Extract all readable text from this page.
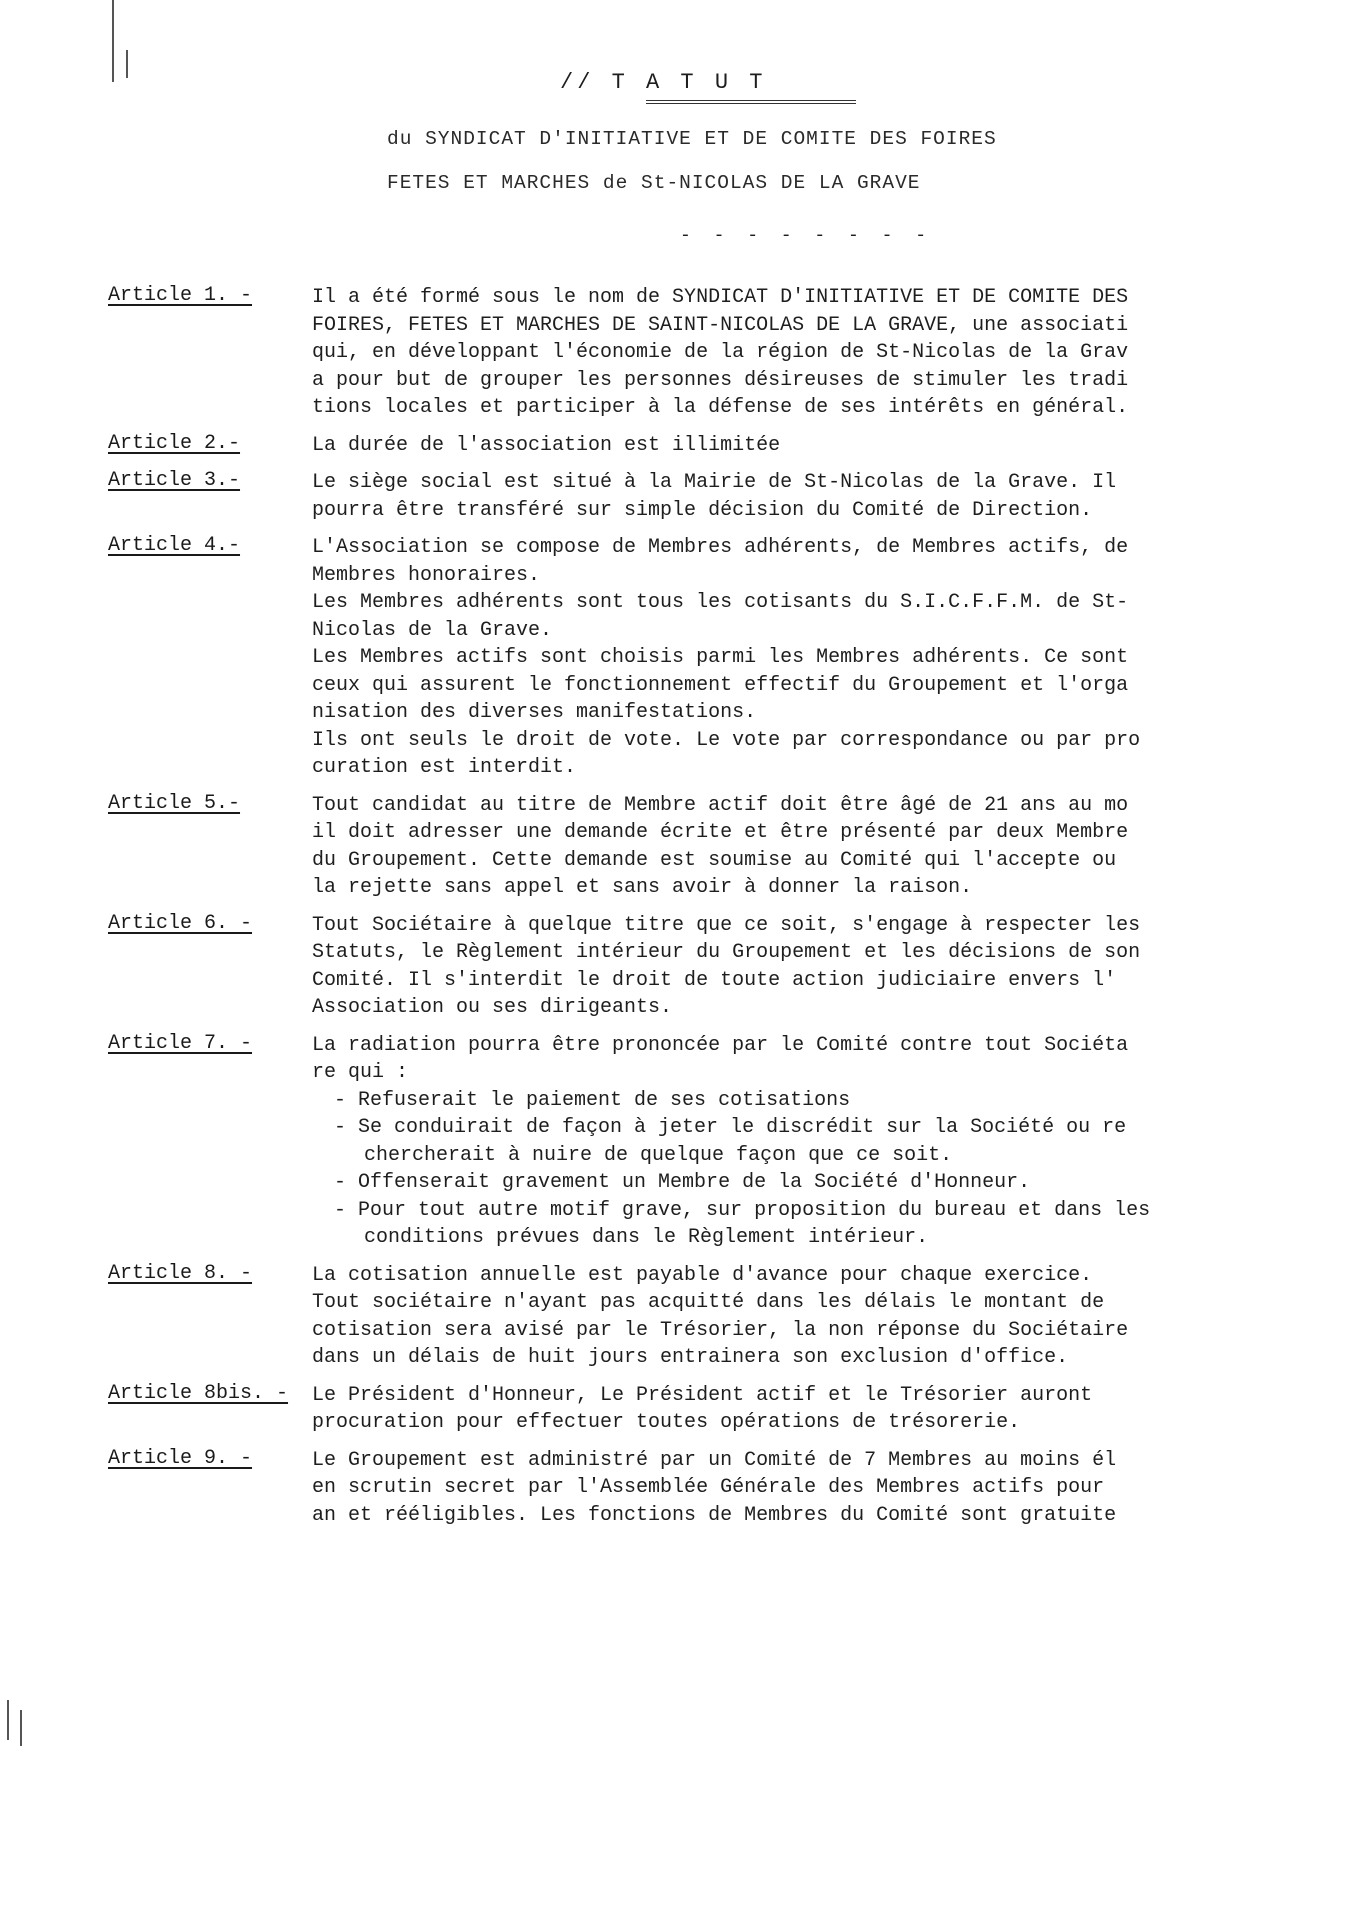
// T A T U T
du SYNDICAT D'INITIATIVE ET DE COMITE DES FOIRES
FETES ET MARCHES de St-NICOLAS DE LA GRAVE
- - - - - - - -
Article 1. -	Il a été formé sous le nom de SYNDICAT D'INITIATIVE ET DE COMITE DES
FOIRES, FETES ET MARCHES DE SAINT-NICOLAS DE LA GRAVE, une associati
qui, en développant l'économie de la région de St-Nicolas de la Grav
a pour but de grouper les personnes désireuses de stimuler les tradi
tions locales et participer à la défense de ses intérêts en général.
Article 2.-	La durée de l'association est illimitée
Article 3.-	Le siège social est situé à la Mairie de St-Nicolas de la Grave. Il
pourra être transféré sur simple décision du Comité de Direction.
Article 4.-	L'Association se compose de Membres adhérents, de Membres actifs, de
Membres honoraires.
Les Membres adhérents sont tous les cotisants du S.I.C.F.F.M. de St-
Nicolas de la Grave.
Les Membres actifs sont choisis parmi les Membres adhérents. Ce sont
ceux qui assurent le fonctionnement effectif du Groupement et l'orga
nisation des diverses manifestations.
Ils ont seuls le droit de vote. Le vote par correspondance ou par pro
curation est interdit.
Article 5.-	Tout candidat au titre de Membre actif doit être âgé de 21 ans au mo
il doit adresser une demande écrite et être présenté par deux Membre
du Groupement. Cette demande est soumise au Comité qui l'accepte ou
la rejette sans appel et sans avoir à donner la raison.
Article 6. -	Tout Sociétaire à quelque titre que ce soit, s'engage à respecter les
Statuts, le Règlement intérieur du Groupement et les décisions de son
Comité. Il s'interdit le droit de toute action judiciaire envers l'
Association ou ses dirigeants.
Article 7. -	La radiation pourra être prononcée par le Comité contre tout Sociéta
re qui :
- Refuserait le paiement de ses cotisations
- Se conduirait de façon à jeter le discrédit sur la Société ou re
chercherait à nuire de quelque façon que ce soit.
- Offenserait gravement un Membre de la Société d'Honneur.
- Pour tout autre motif grave, sur proposition du bureau et dans les
conditions prévues dans le Règlement intérieur.
Article 8. -	La cotisation annuelle est payable d'avance pour chaque exercice.
Tout sociétaire n'ayant pas acquitté dans les délais le montant de
cotisation sera avisé par le Trésorier, la non réponse du Sociétaire
dans un délais de huit jours entrainera son exclusion d'office.
Article 8bis. -	Le Président d'Honneur, Le Président actif et le Trésorier auront
procuration pour effectuer toutes opérations de trésorerie.
Article 9. -	Le Groupement est administré par un Comité de 7 Membres au moins él
en scrutin secret par l'Assemblée Générale des Membres actifs pour
an et rééligibles. Les fonctions de Membres du Comité sont gratuite
